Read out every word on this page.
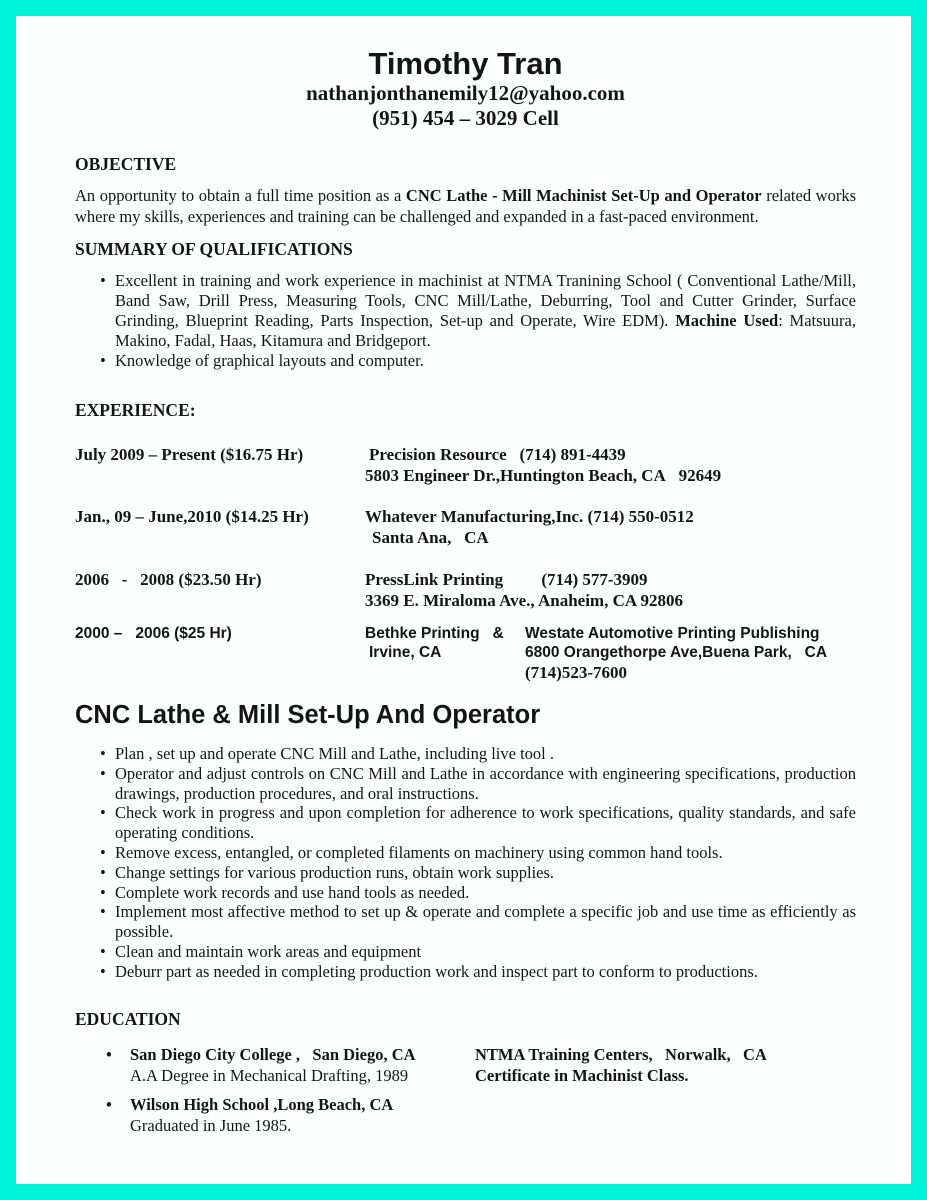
Timothy Tran
nathanjonthanemily12@yahoo.com
(951) 454 – 3029 Cell
OBJECTIVE

An opportunity to obtain a full time position as a CNC Lathe - Mill Machinist Set-Up and Operator related works where my skills, experiences and training can be challenged and expanded in a fast-paced environment.

SUMMARY OF QUALIFICATIONS
• Excellent in training and work experience in machinist at NTMA Tranining School ( Conventional Lathe/Mill, Band Saw, Drill Press, Measuring Tools, CNC Mill/Lathe, Deburring, Tool and Cutter Grinder, Surface Grinding, Blueprint Reading, Parts Inspection, Set-up and Operate, Wire EDM). Machine Used: Matsuura, Makino, Fadal, Haas, Kitamura and Bridgeport.
• Knowledge of graphical layouts and computer.
EXPERIENCE:
July 2009 – Present ($16.75 Hr)	Precision Resource   (714) 891-4439
5803 Engineer Dr.,Huntington Beach, CA   92649
Jan., 09 – June,2010 ($14.25 Hr)	Whatever Manufacturing,Inc. (714) 550-0512
Santa Ana,   CA
2006   -   2008 ($23.50 Hr)	PressLink Printing         (714) 577-3909
3369 E. Miraloma Ave., Anaheim, CA 92806
2000 –   2006 ($25 Hr)	Bethke Printing   &
Irvine, CA
Westate Automotive Printing Publishing
6800 Orangethorpe Ave,Buena Park,   CA
(714)523-7600
CNC Lathe & Mill Set-Up And Operator
• Plan , set up and operate CNC Mill and Lathe, including live tool .
• Operator and adjust controls on CNC Mill and Lathe in accordance with engineering specifications, production drawings, production procedures, and oral instructions.
• Check work in progress and upon completion for adherence to work specifications, quality standards, and safe operating conditions.
• Remove excess, entangled, or completed filaments on machinery using common hand tools.
• Change settings for various production runs, obtain work supplies.
• Complete work records and use hand tools as needed.
• Implement most affective method to set up & operate and complete a specific job and use time as efficiently as possible.
• Clean and maintain work areas and equipment
• Deburr part as needed in completing production work and inspect part to conform to productions.
EDUCATION
• San Diego City College ,   San Diego, CA
A.A Degree in Mechanical Drafting, 1989
NTMA Training Centers,   Norwalk,   CA
Certificate in Machinist Class.
• Wilson High School ,Long Beach, CA
Graduated in June 1985.
